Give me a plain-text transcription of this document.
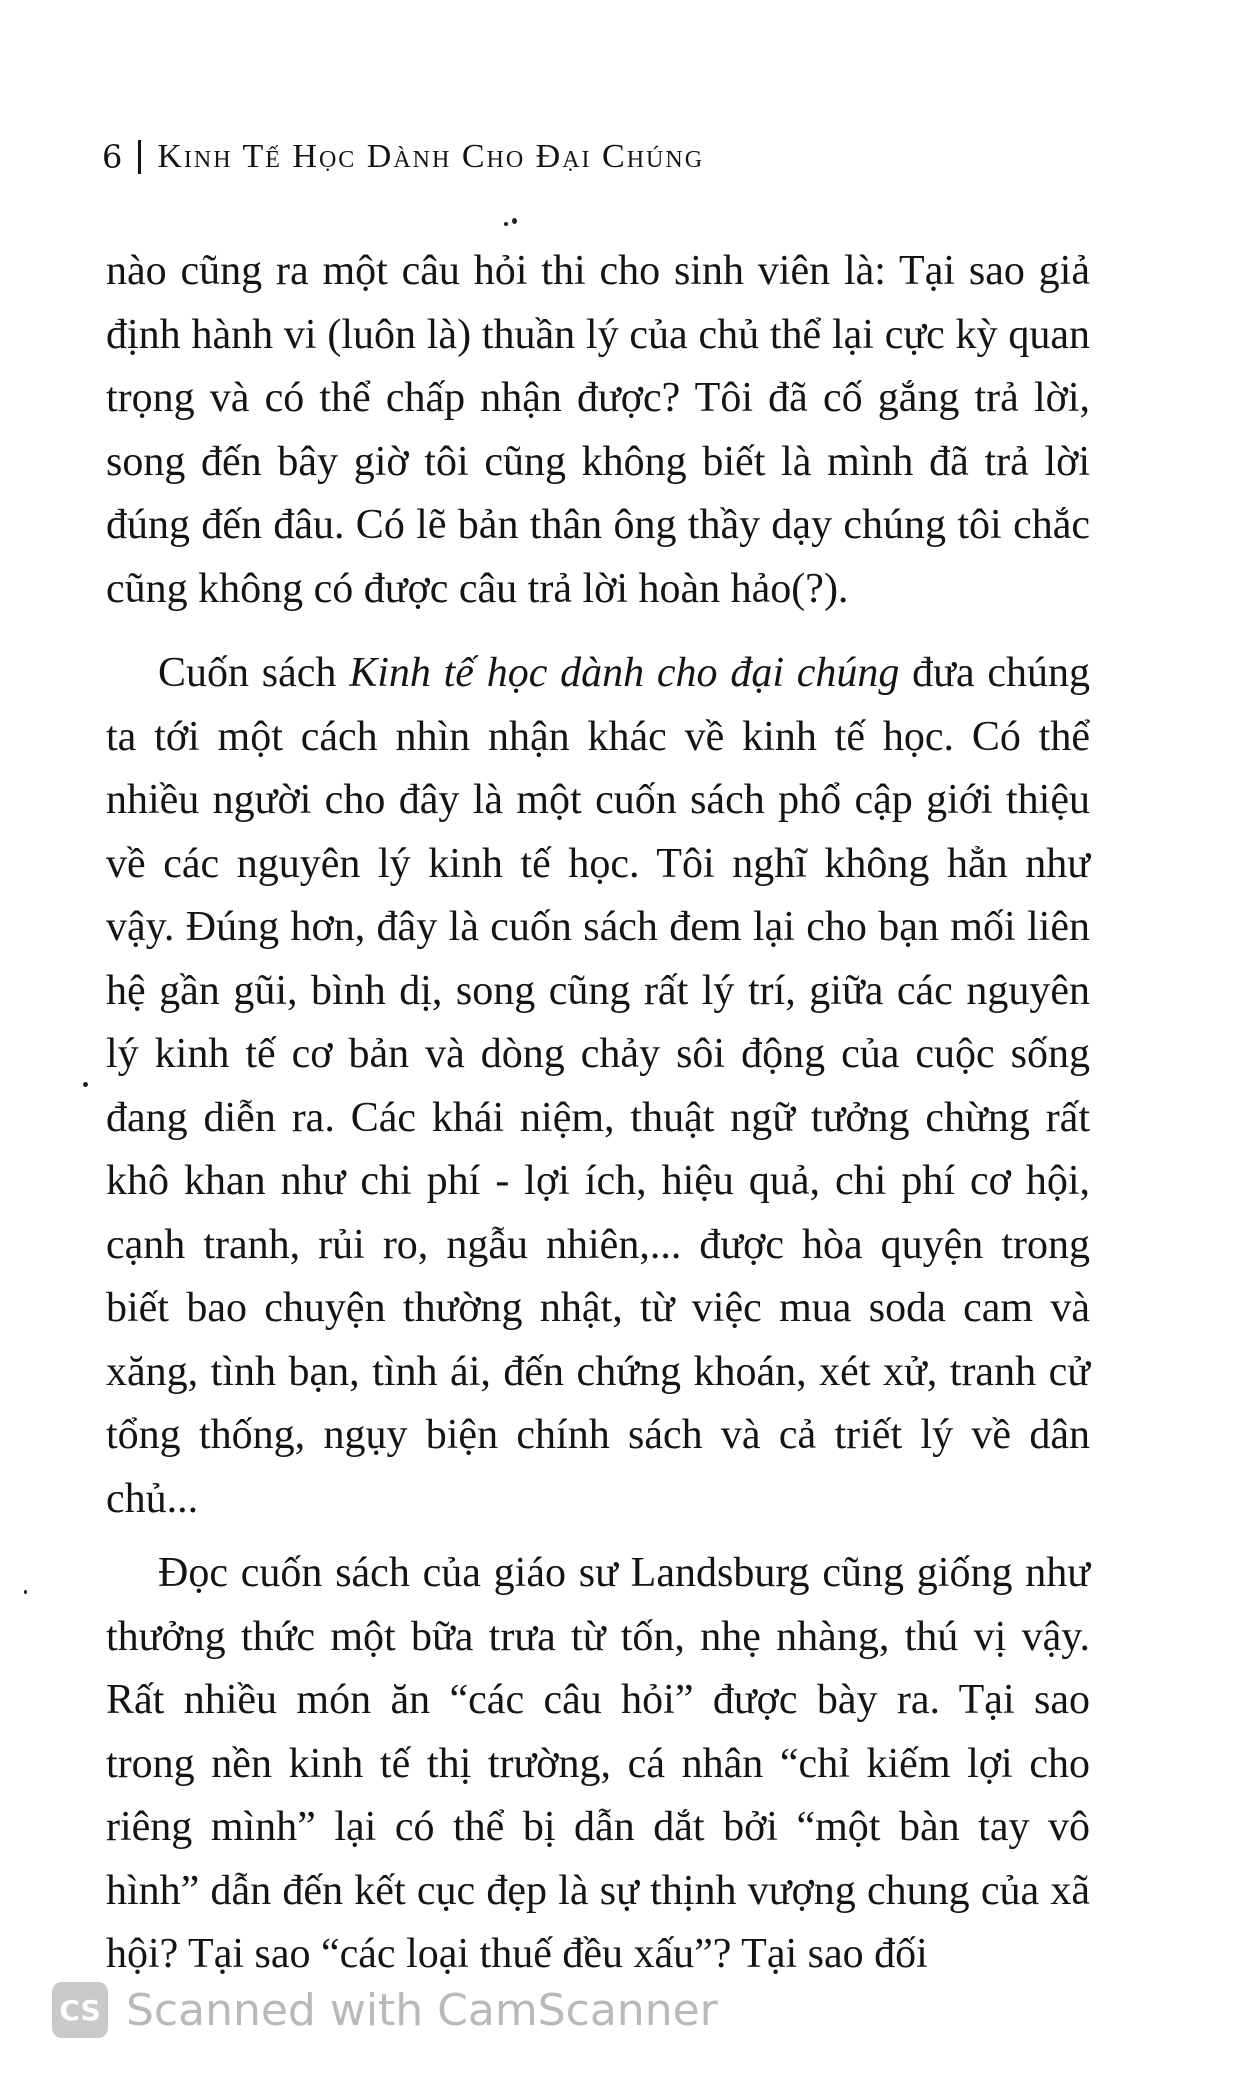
6 Kinh Tế Học Dành Cho Đại Chúng

nào cũng ra một câu hỏi thi cho sinh viên là: Tại sao giả định hành vi (luôn là) thuần lý của chủ thể lại cực kỳ quan trọng và có thể chấp nhận được? Tôi đã cố gắng trả lời, song đến bây giờ tôi cũng không biết là mình đã trả lời đúng đến đâu. Có lẽ bản thân ông thầy dạy chúng tôi chắc cũng không có được câu trả lời hoàn hảo(?).

Cuốn sách Kinh tế học dành cho đại chúng đưa chúng ta tới một cách nhìn nhận khác về kinh tế học. Có thể nhiều người cho đây là một cuốn sách phổ cập giới thiệu về các nguyên lý kinh tế học. Tôi nghĩ không hẳn như vậy. Đúng hơn, đây là cuốn sách đem lại cho bạn mối liên hệ gần gũi, bình dị, song cũng rất lý trí, giữa các nguyên lý kinh tế cơ bản và dòng chảy sôi động của cuộc sống đang diễn ra. Các khái niệm, thuật ngữ tưởng chừng rất khô khan như chi phí - lợi ích, hiệu quả, chi phí cơ hội, cạnh tranh, rủi ro, ngẫu nhiên,... được hòa quyện trong biết bao chuyện thường nhật, từ việc mua soda cam và xăng, tình bạn, tình ái, đến chứng khoán, xét xử, tranh cử tổng thống, ngụy biện chính sách và cả triết lý về dân chủ...

Đọc cuốn sách của giáo sư Landsburg cũng giống như thưởng thức một bữa trưa từ tốn, nhẹ nhàng, thú vị vậy. Rất nhiều món ăn “các câu hỏi” được bày ra. Tại sao trong nền kinh tế thị trường, cá nhân “chỉ kiếm lợi cho riêng mình” lại có thể bị dẫn dắt bởi “một bàn tay vô hình” dẫn đến kết cục đẹp là sự thịnh vượng chung của xã hội? Tại sao “các loại thuế đều xấu”? Tại sao đối

CS Scanned with CamScanner
